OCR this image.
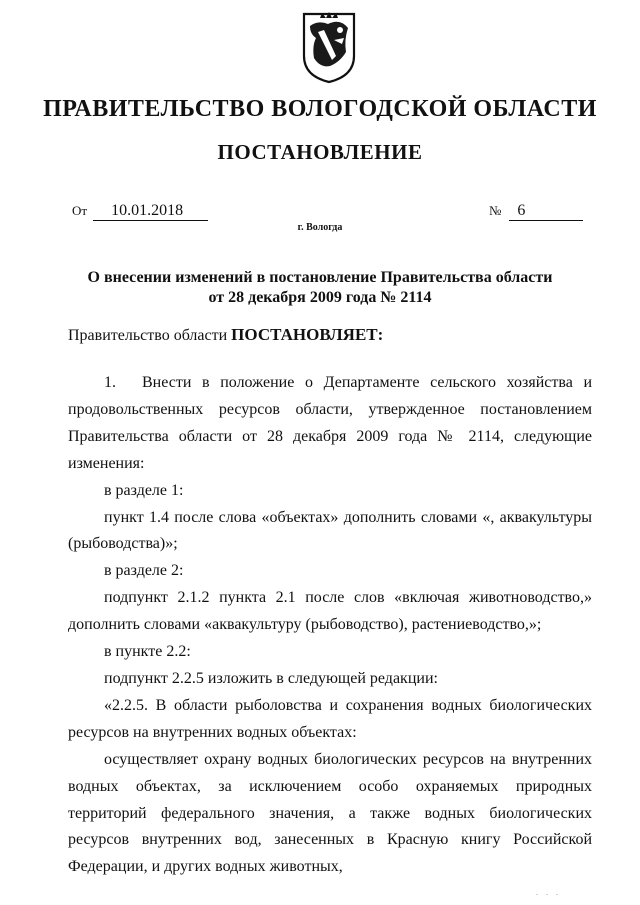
ПРАВИТЕЛЬСТВО ВОЛОГОДСКОЙ ОБЛАСТИ
ПОСТАНОВЛЕНИЕ
От 10.01.2018	№ 6
г. Вологда
О внесении изменений в постановление Правительства области
от 28 декабря 2009 года № 2114
Правительство области ПОСТАНОВЛЯЕТ:

1. Внести в положение о Департаменте сельского хозяйства и продовольственных ресурсов области, утвержденное постановлением Правительства области от 28 декабря 2009 года № 2114, следующие изменения:

в разделе 1:

пункт 1.4 после слова «объектах» дополнить словами «, аквакультуры (рыбоводства)»;

в разделе 2:

подпункт 2.1.2 пункта 2.1 после слов «включая животноводство,» дополнить словами «аквакультуру (рыбоводство), растениеводство,»;

в пункте 2.2:

подпункт 2.2.5 изложить в следующей редакции:

«2.2.5. В области рыболовства и сохранения водных биологических ресурсов на внутренних водных объектах:

осуществляет охрану водных биологических ресурсов на внутренних водных объектах, за исключением особо охраняемых природных территорий федерального значения, а также водных биологических ресурсов внутренних вод, занесенных в Красную книгу Российской Федерации, и других водных животных,

. . .
